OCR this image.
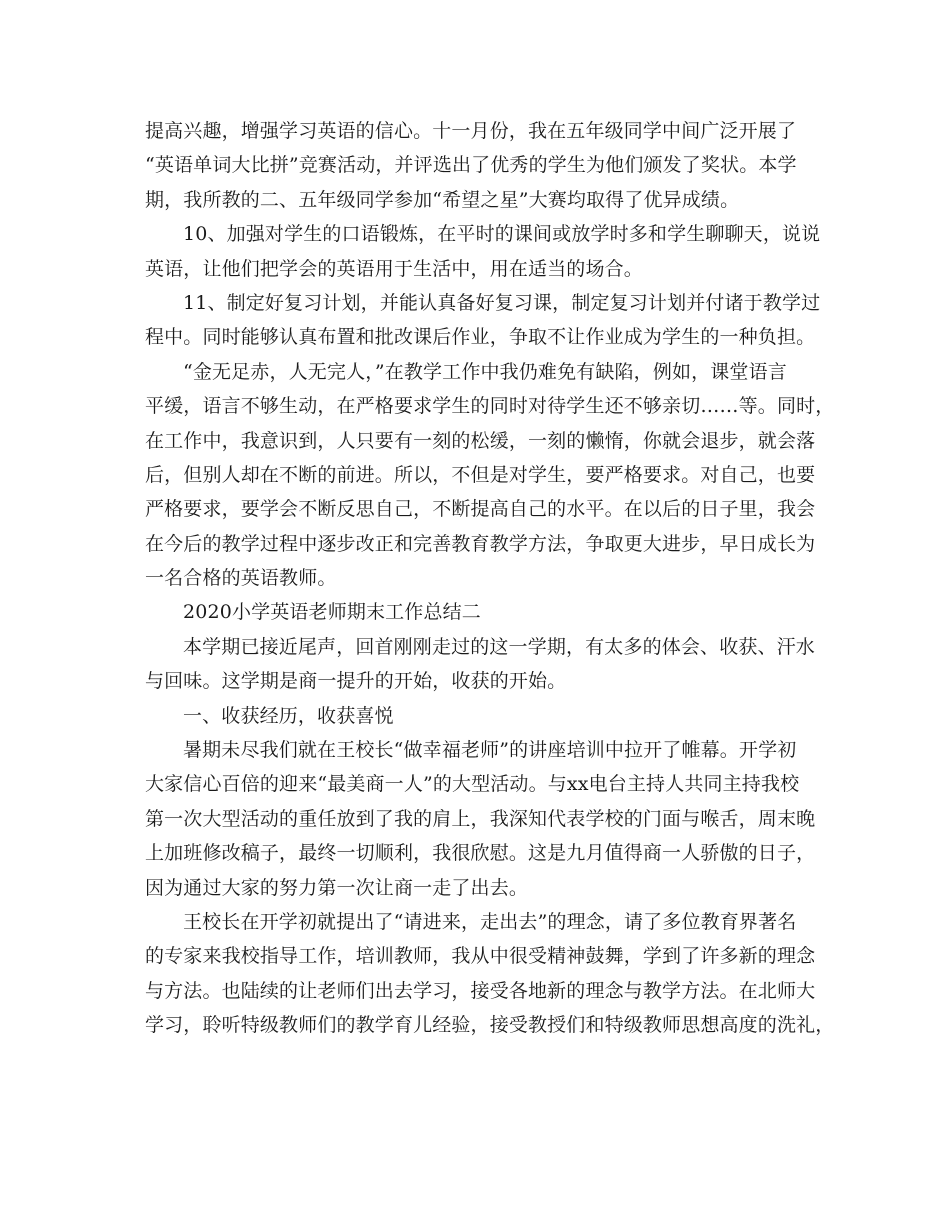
提高兴趣，增强学习英语的信心。十一月份，我在五年级同学中间广泛开展了
“英语单词大比拼”竞赛活动，并评选出了优秀的学生为他们颁发了奖状。本学
期，我所教的二、五年级同学参加“希望之星”大赛均取得了优异成绩。
10、加强对学生的口语锻炼，在平时的课间或放学时多和学生聊聊天，说说
英语，让他们把学会的英语用于生活中，用在适当的场合。
11、制定好复习计划，并能认真备好复习课，制定复习计划并付诸于教学过
程中。同时能够认真布置和批改课后作业，争取不让作业成为学生的一种负担。
“金无足赤，人无完人，”在教学工作中我仍难免有缺陷，例如，课堂语言
平缓，语言不够生动，在严格要求学生的同时对待学生还不够亲切……等。同时，
在工作中，我意识到，人只要有一刻的松缓，一刻的懒惰，你就会退步，就会落
后，但别人却在不断的前进。所以，不但是对学生，要严格要求。对自己，也要
严格要求，要学会不断反思自己，不断提高自己的水平。在以后的日子里，我会
在今后的教学过程中逐步改正和完善教育教学方法，争取更大进步，早日成长为
一名合格的英语教师。
2020小学英语老师期末工作总结二
本学期已接近尾声，回首刚刚走过的这一学期，有太多的体会、收获、汗水
与回味。这学期是商一提升的开始，收获的开始。
一、收获经历，收获喜悦
暑期未尽我们就在王校长“做幸福老师”的讲座培训中拉开了帷幕。开学初
大家信心百倍的迎来“最美商一人”的大型活动。与xx电台主持人共同主持我校
第一次大型活动的重任放到了我的肩上，我深知代表学校的门面与喉舌，周末晚
上加班修改稿子，最终一切顺利，我很欣慰。这是九月值得商一人骄傲的日子，
因为通过大家的努力第一次让商一走了出去。
王校长在开学初就提出了“请进来，走出去”的理念，请了多位教育界著名
的专家来我校指导工作，培训教师，我从中很受精神鼓舞，学到了许多新的理念
与方法。也陆续的让老师们出去学习，接受各地新的理念与教学方法。在北师大
学习，聆听特级教师们的教学育儿经验，接受教授们和特级教师思想高度的洗礼，
